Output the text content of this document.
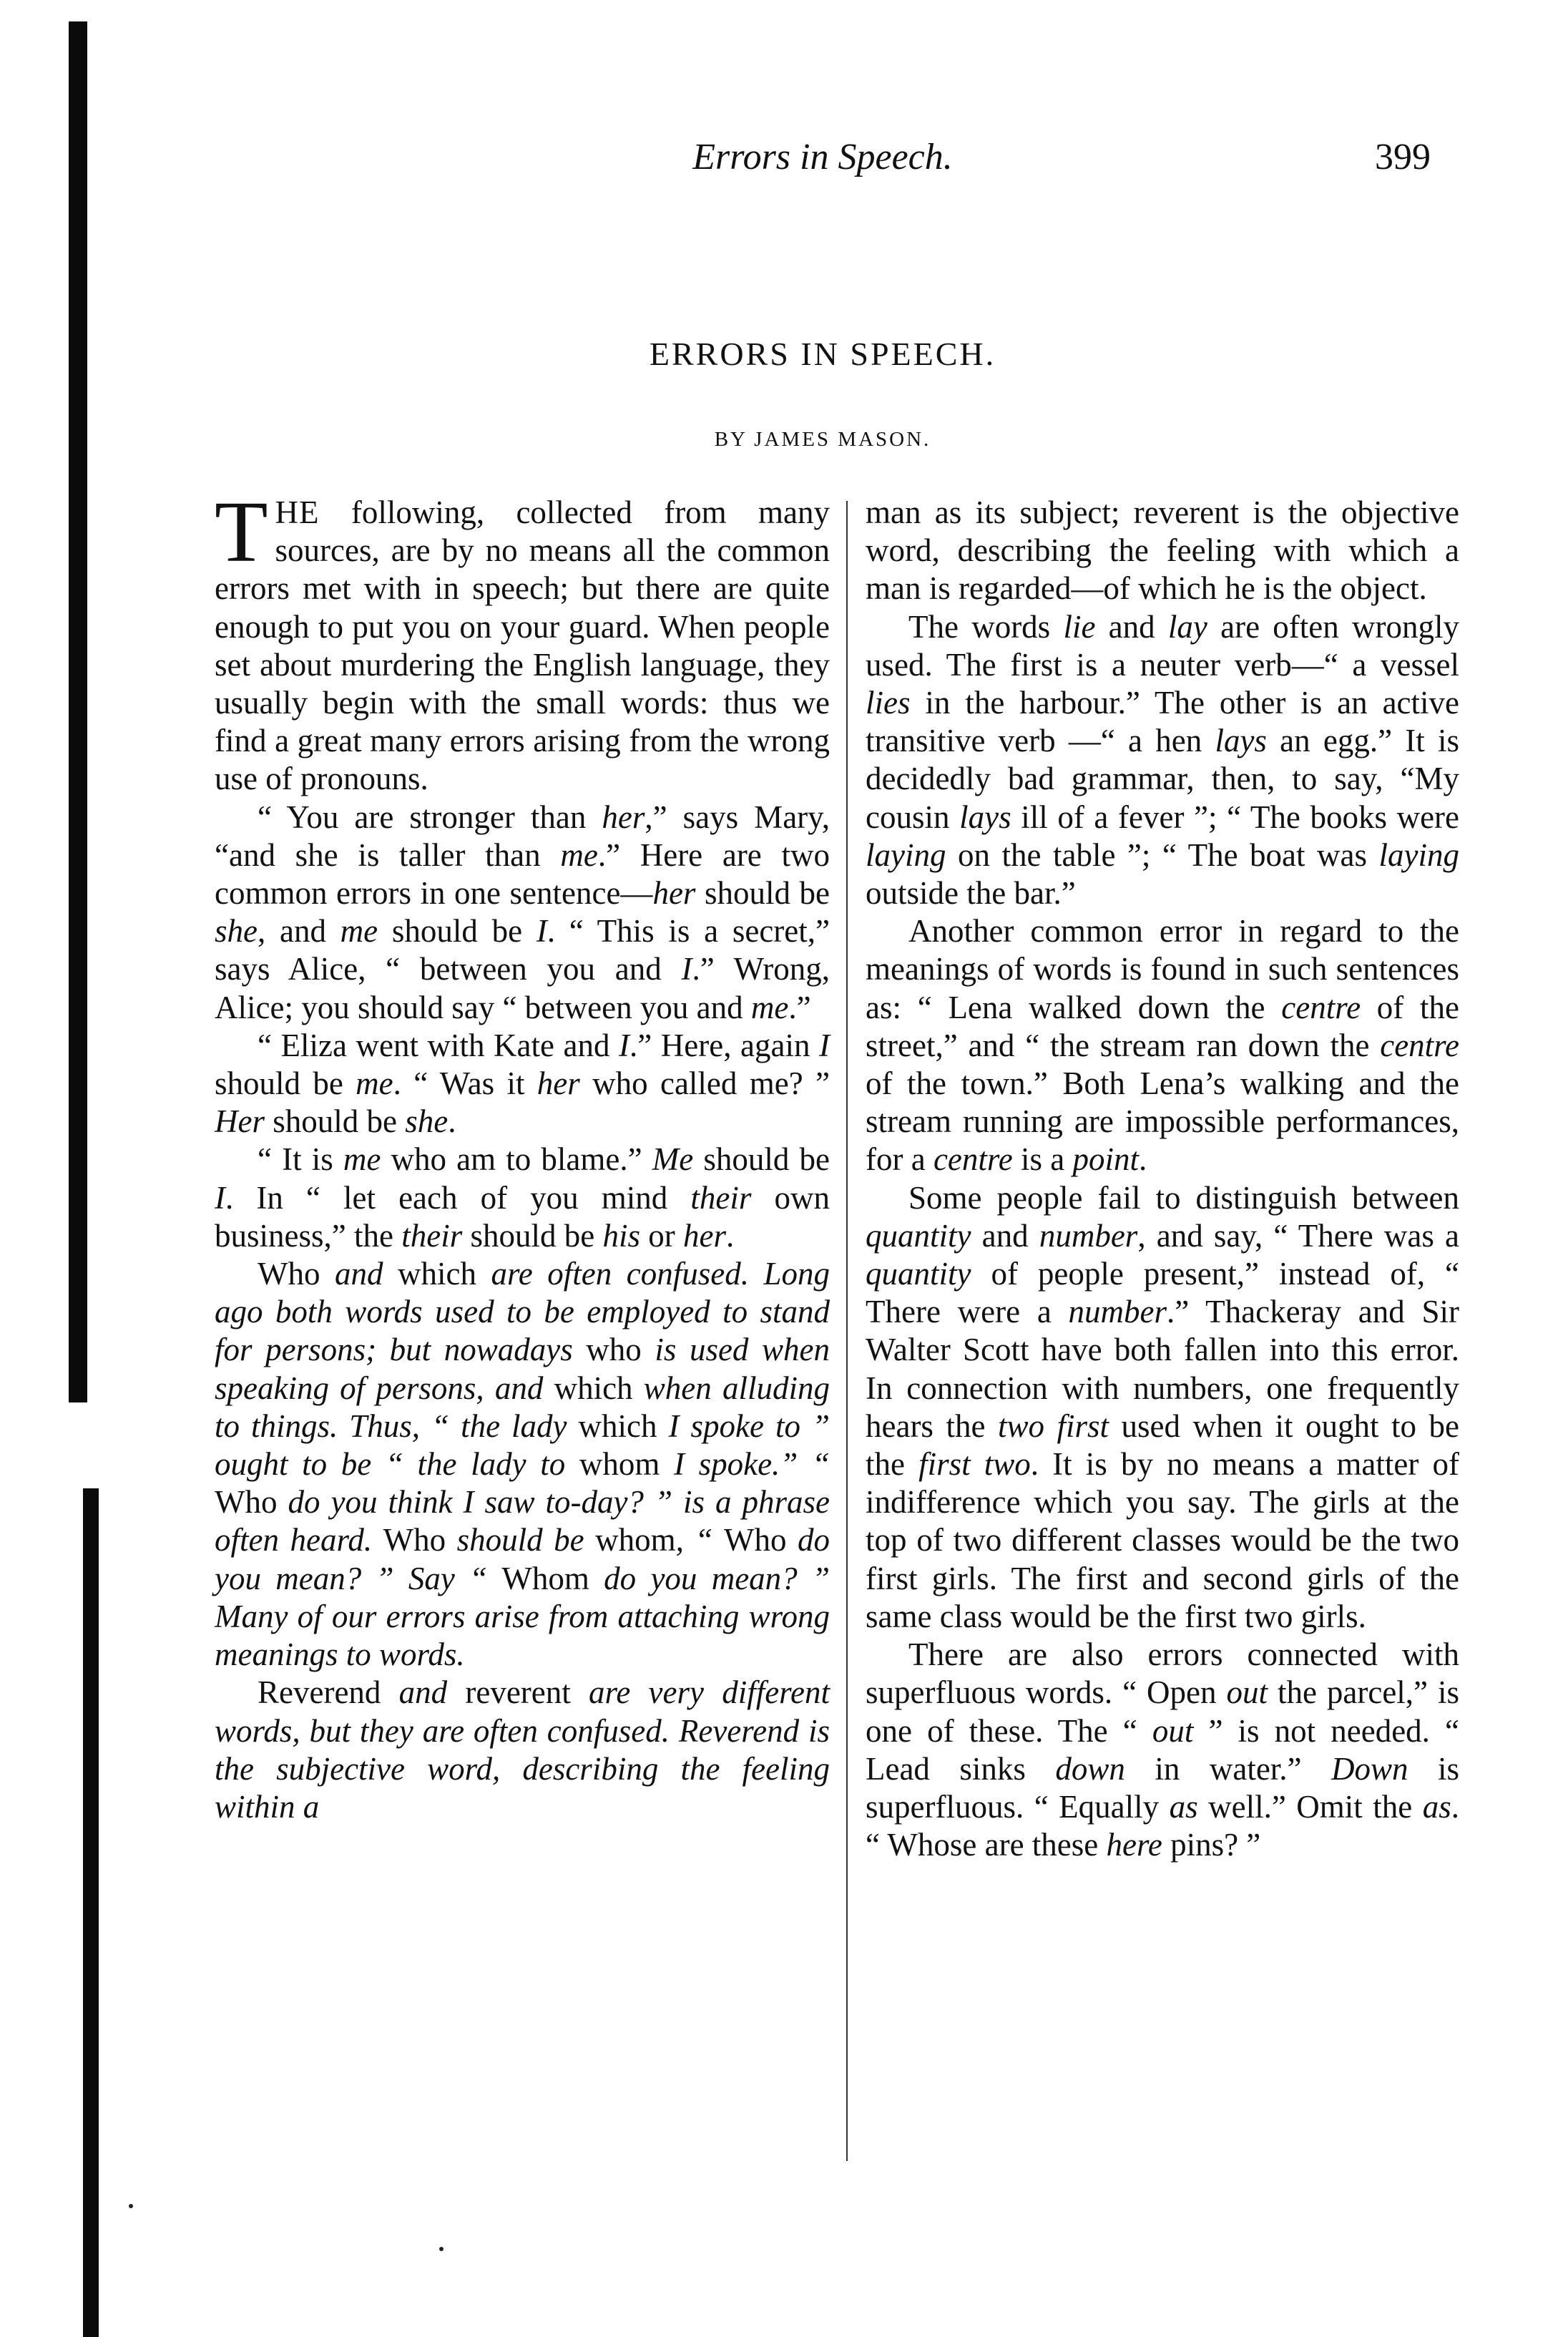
Errors in Speech.	399
ERRORS IN SPEECH.
BY JAMES MASON.

THE following, collected from many sources, are by no means all the common errors met with in speech; but there are quite enough to put you on your guard. When people set about murdering the English language, they usually begin with the small words: thus we find a great many errors arising from the wrong use of pronouns.

“ You are stronger than her,” says Mary, “and she is taller than me.” Here are two common errors in one sentence—her should be she, and me should be I. “ This is a secret,” says Alice, “ between you and I.” Wrong, Alice; you should say “ between you and me.”

“ Eliza went with Kate and I.” Here, again I should be me. “ Was it her who called me? ” Her should be she.

“ It is me who am to blame.” Me should be I. In “ let each of you mind their own business,” the their should be his or her.

Who and which are often confused. Long ago both words used to be employed to stand for persons; but nowadays who is used when speaking of persons, and which when alluding to things. Thus, “ the lady which I spoke to ” ought to be “ the lady to whom I spoke.” “ Who do you think I saw to-day? ” is a phrase often heard. Who should be whom, “ Who do you mean? ” Say “ Whom do you mean? ” Many of our errors arise from attaching wrong meanings to words.

Reverend and reverent are very different words, but they are often confused. Reverend is the subjective word, describing the feeling within a

man as its subject; reverent is the objective word, describing the feeling with which a man is regarded—of which he is the object.

The words lie and lay are often wrongly used. The first is a neuter verb—“ a vessel lies in the harbour.” The other is an active transitive verb —“ a hen lays an egg.” It is decidedly bad grammar, then, to say, “My cousin lays ill of a fever ”; “ The books were laying on the table ”; “ The boat was laying outside the bar.”

Another common error in regard to the meanings of words is found in such sentences as: “ Lena walked down the centre of the street,” and “ the stream ran down the centre of the town.” Both Lena’s walking and the stream running are impossible performances, for a centre is a point.

Some people fail to distinguish between quantity and number, and say, “ There was a quantity of people present,” instead of, “ There were a number.” Thackeray and Sir Walter Scott have both fallen into this error. In connection with numbers, one frequently hears the two first used when it ought to be the first two. It is by no means a matter of indifference which you say. The girls at the top of two different classes would be the two first girls. The first and second girls of the same class would be the first two girls.

There are also errors connected with superfluous words. “ Open out the parcel,” is one of these. The “ out ” is not needed. “ Lead sinks down in water.” Down is superfluous. “ Equally as well.” Omit the as. “ Whose are these here pins? ”
